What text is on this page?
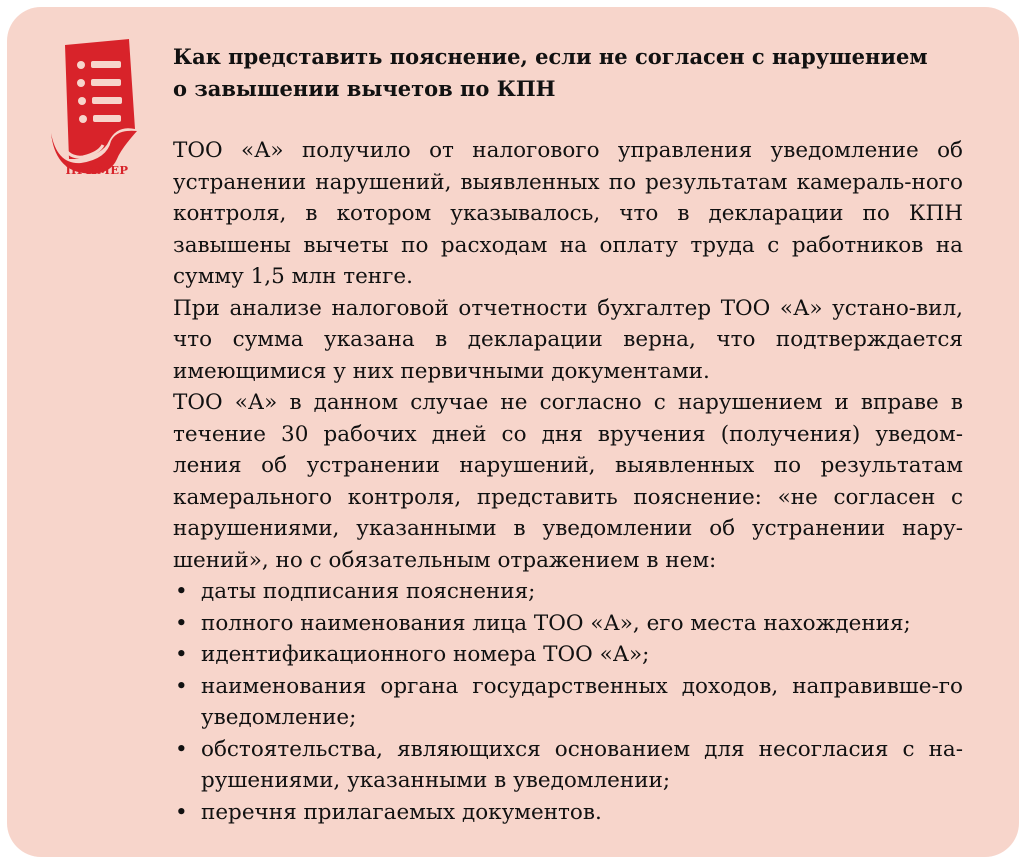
ПРИМЕР
Как представить пояснение, если не согласен с нарушением
о завышении вычетов по КПН

ТОО «А» получило от налогового управления уведомление об устранении нарушений, выявленных по результатам камераль-ного контроля, в котором указывалось, что в декларации по КПН завышены вычеты по расходам на оплату труда с работников на сумму 1,5 млн тенге.

При анализе налоговой отчетности бухгалтер ТОО «А» устано-вил, что сумма указана в декларации верна, что подтверждается имеющимися у них первичными документами.

ТОО «А» в данном случае не согласно с нарушением и вправе в течение 30 рабочих дней со дня вручения (получения) уведом-ления об устранении нарушений, выявленных по результатам камерального контроля, представить пояснение: «не согласен с нарушениями, указанными в уведомлении об устранении нару-шений», но с обязательным отражением в нем:

• даты подписания пояснения;
• полного наименования лица ТОО «А», его места нахождения;
• идентификационного номера ТОО «А»;
• наименования органа государственных доходов, направивше-го уведомление;
• обстоятельства, являющихся основанием для несогласия с на-рушениями, указанными в уведомлении;
• перечня прилагаемых документов.
